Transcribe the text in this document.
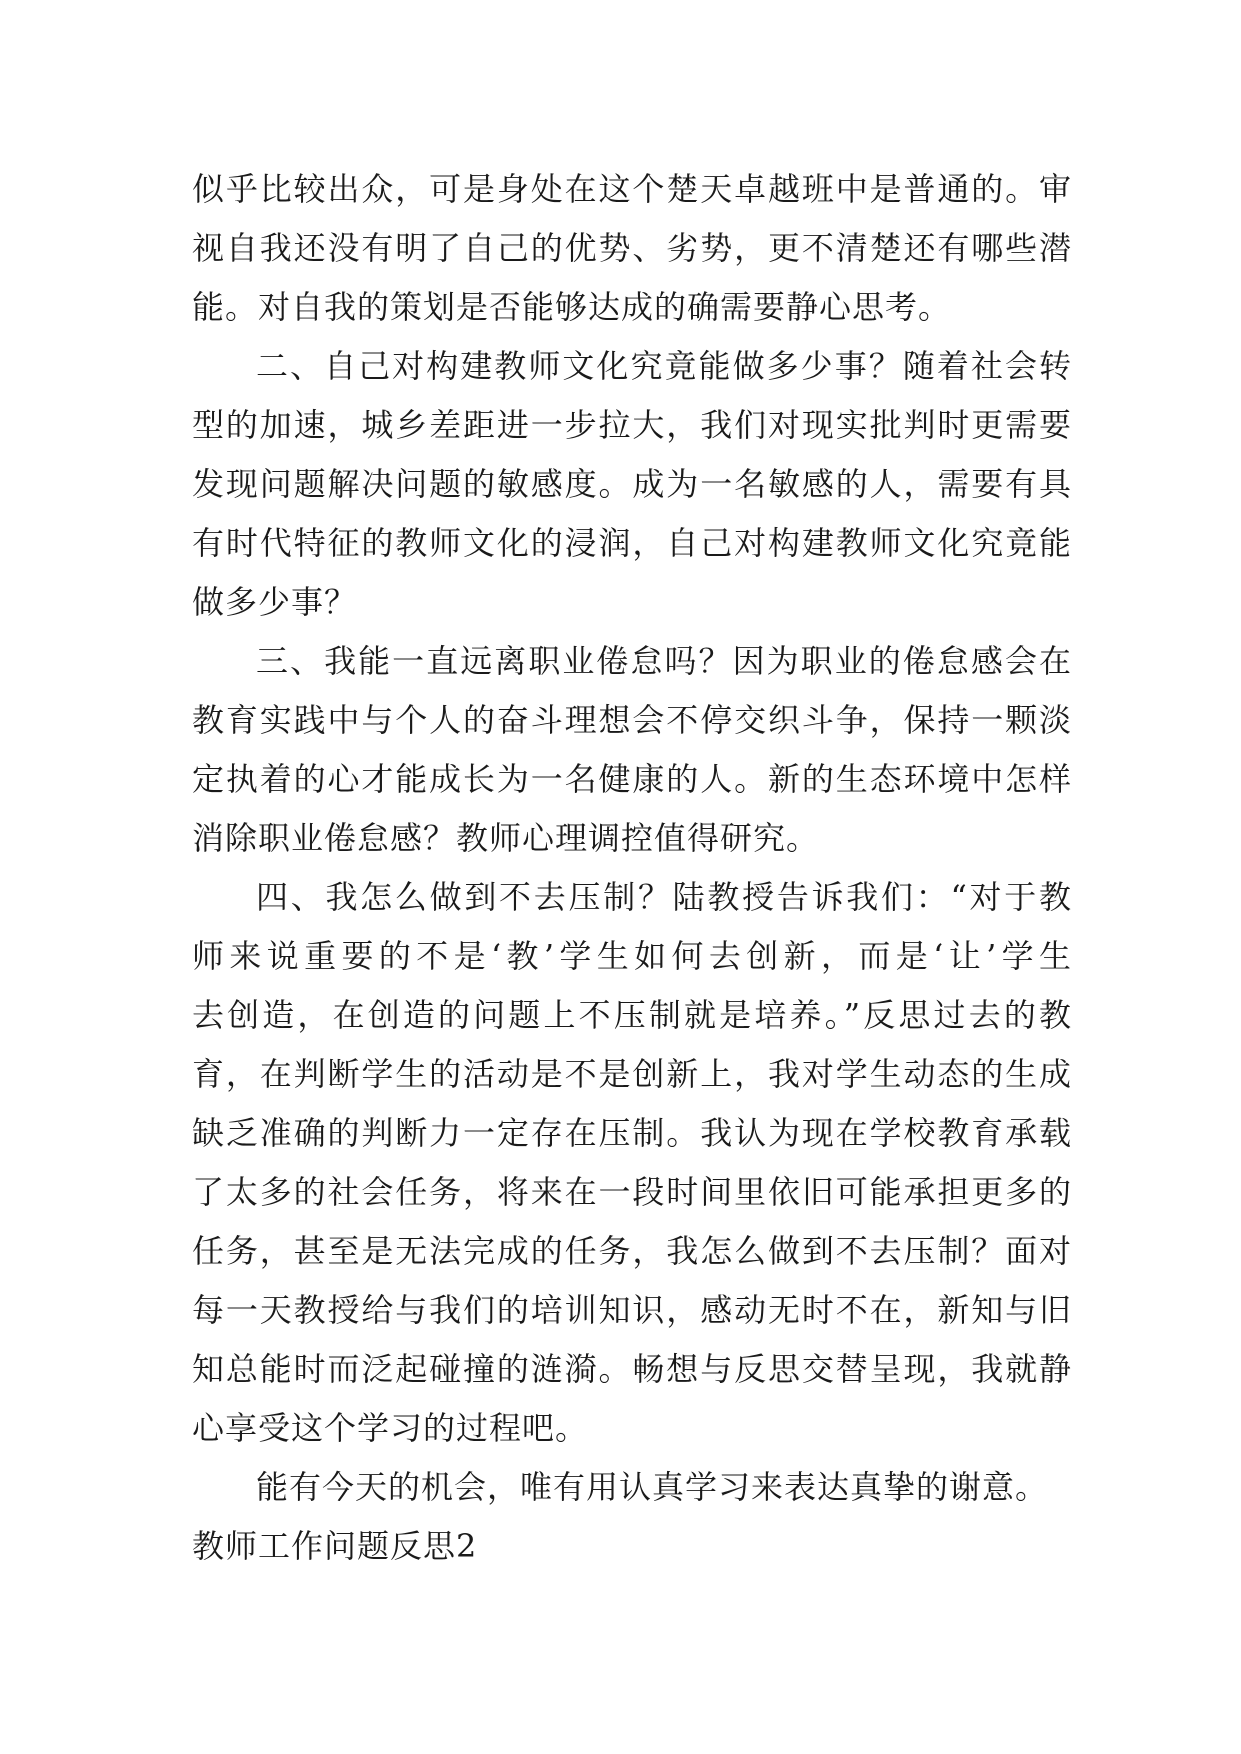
似乎比较出众，可是身处在这个楚天卓越班中是普通的。审
视自我还没有明了自己的优势、劣势，更不清楚还有哪些潜
能。对自我的策划是否能够达成的确需要静心思考。
二、自己对构建教师文化究竟能做多少事？随着社会转
型的加速，城乡差距进一步拉大，我们对现实批判时更需要
发现问题解决问题的敏感度。成为一名敏感的人，需要有具
有时代特征的教师文化的浸润，自己对构建教师文化究竟能
做多少事？
三、我能一直远离职业倦怠吗？因为职业的倦怠感会在
教育实践中与个人的奋斗理想会不停交织斗争，保持一颗淡
定执着的心才能成长为一名健康的人。新的生态环境中怎样
消除职业倦怠感？教师心理调控值得研究。
四、我怎么做到不去压制？陆教授告诉我们：“对于教
师来说重要的不是‘教’学生如何去创新，而是‘让’学生
去创造，在创造的问题上不压制就是培养。”反思过去的教
育，在判断学生的活动是不是创新上，我对学生动态的生成
缺乏准确的判断力一定存在压制。我认为现在学校教育承载
了太多的社会任务，将来在一段时间里依旧可能承担更多的
任务，甚至是无法完成的任务，我怎么做到不去压制？面对
每一天教授给与我们的培训知识，感动无时不在，新知与旧
知总能时而泛起碰撞的涟漪。畅想与反思交替呈现，我就静
心享受这个学习的过程吧。
能有今天的机会，唯有用认真学习来表达真挚的谢意。
教师工作问题反思2
